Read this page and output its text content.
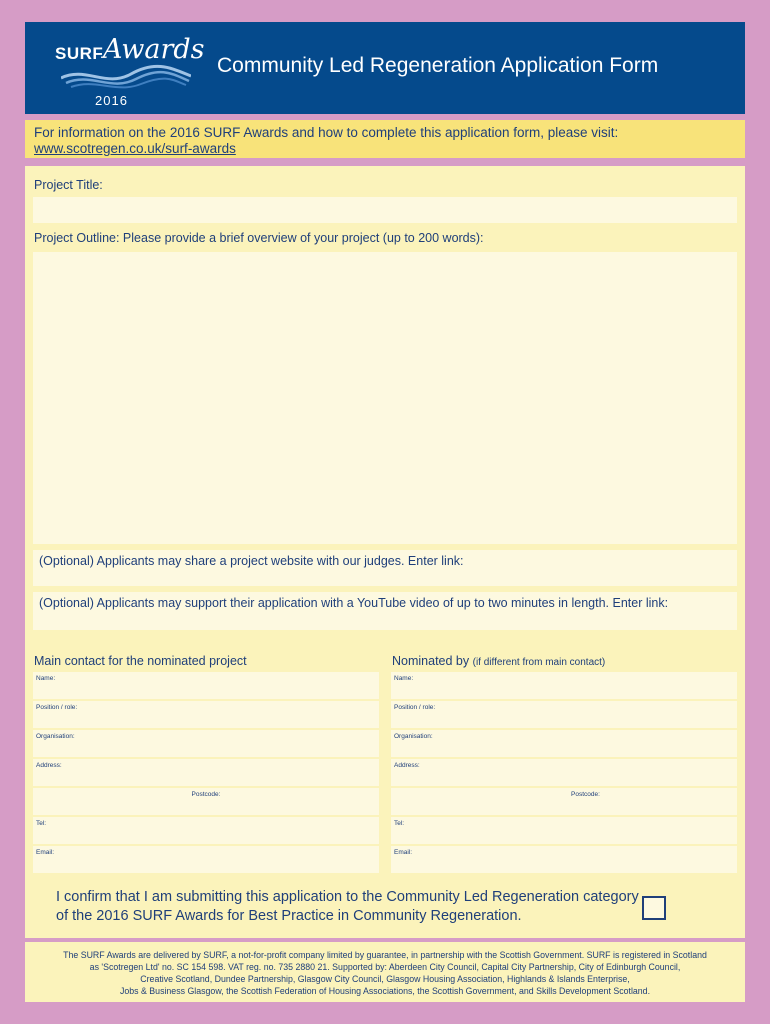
SURF Awards
2016
Community Led Regeneration Application Form
For information on the 2016 SURF Awards and how to complete this application form, please visit:
www.scotregen.co.uk/surf-awards
Project Title:
Project Outline: Please provide a brief overview of your project (up to 200 words):
(Optional) Applicants may share a project website with our judges. Enter link:
(Optional) Applicants may support their application with a YouTube video of up to two minutes in length. Enter link:
Main contact for the nominated project	Nominated by (if different from main contact)
Name:
Position / role:
Organisation:
Address:
Postcode:
Tel:
Email:
Name:
Position / role:
Organisation:
Address:
Postcode:
Tel:
Email:
I confirm that I am submitting this application to the Community Led Regeneration category
of the 2016 SURF Awards for Best Practice in Community Regeneration.
The SURF Awards are delivered by SURF, a not-for-profit company limited by guarantee, in partnership with the Scottish Government. SURF is registered in Scotland
as 'Scotregen Ltd' no. SC 154 598. VAT reg. no. 735 2880 21. Supported by: Aberdeen City Council, Capital City Partnership, City of Edinburgh Council,
Creative Scotland, Dundee Partnership, Glasgow City Council, Glasgow Housing Association, Highlands & Islands Enterprise,
Jobs & Business Glasgow, the Scottish Federation of Housing Associations, the Scottish Government, and Skills Development Scotland.
